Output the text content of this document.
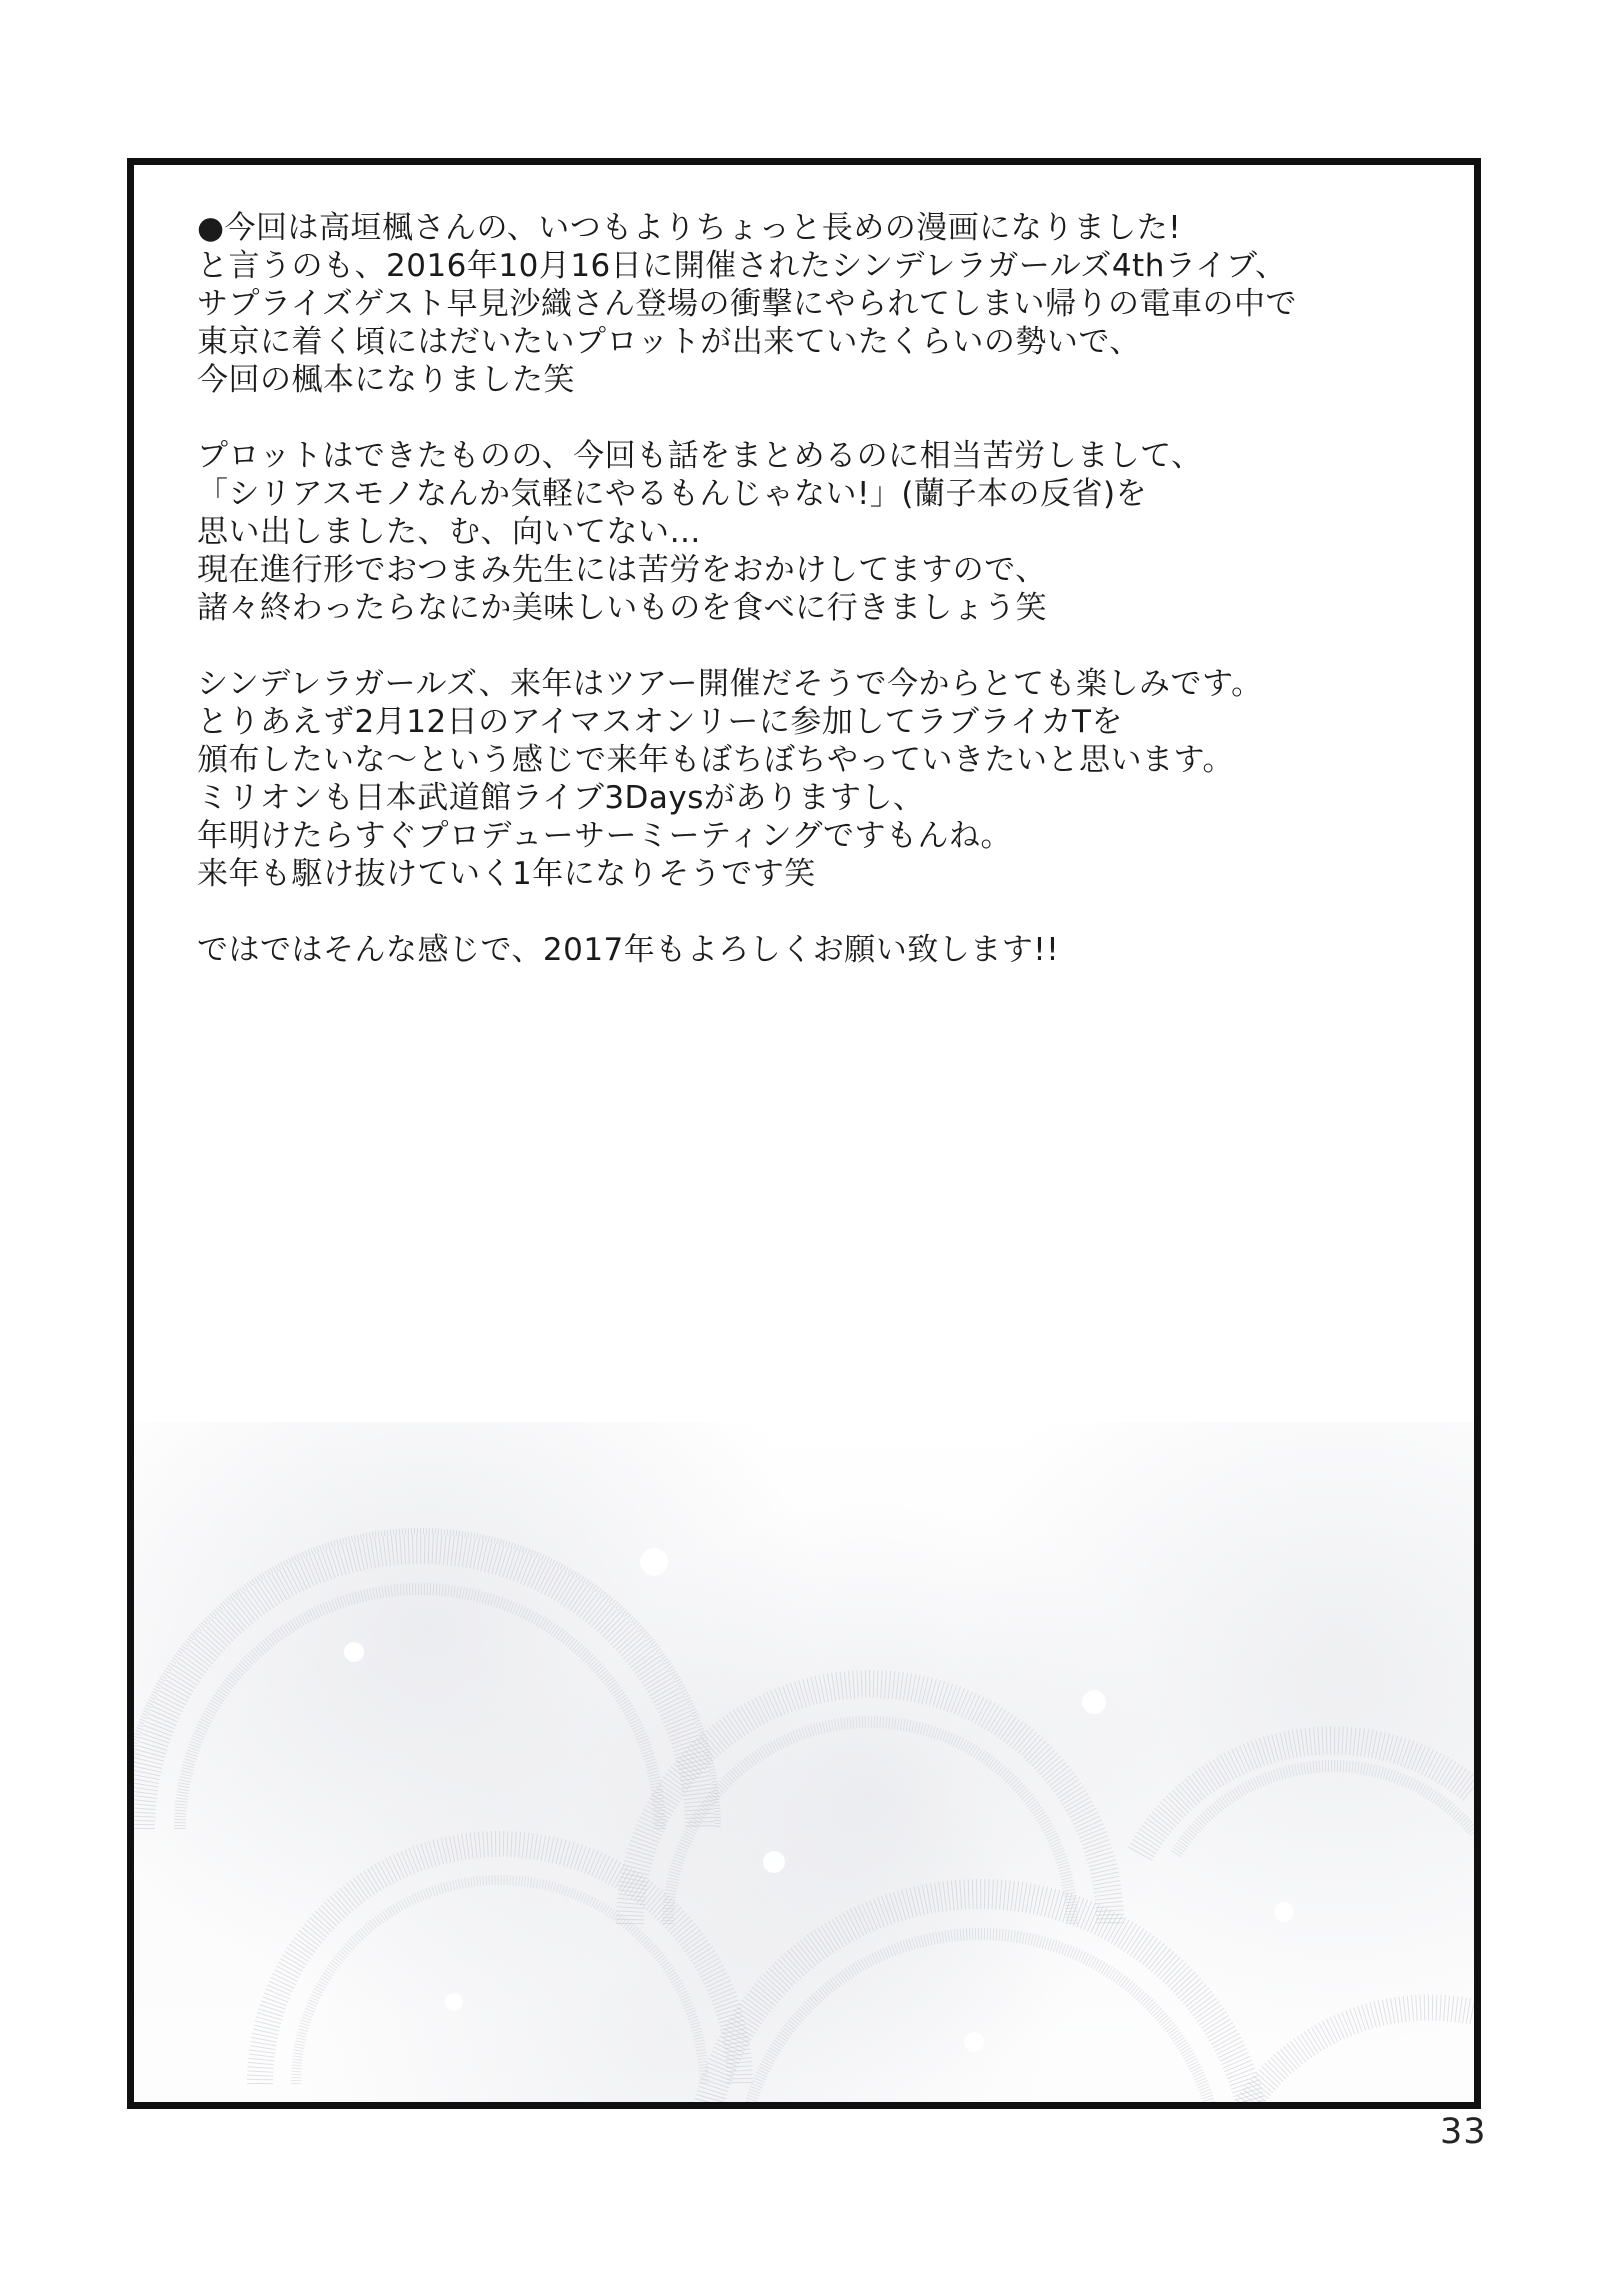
●今回は高垣楓さんの、いつもよりちょっと長めの漫画になりました!
と言うのも、2016年10月16日に開催されたシンデレラガールズ4thライブ、
サプライズゲスト早見沙織さん登場の衝撃にやられてしまい帰りの電車の中で
東京に着く頃にはだいたいプロットが出来ていたくらいの勢いで、
今回の楓本になりました笑
プロットはできたものの、今回も話をまとめるのに相当苦労しまして、
「シリアスモノなんか気軽にやるもんじゃない!」(蘭子本の反省)を
思い出しました、む、向いてない…
現在進行形でおつまみ先生には苦労をおかけしてますので、
諸々終わったらなにか美味しいものを食べに行きましょう笑
シンデレラガールズ、来年はツアー開催だそうで今からとても楽しみです。
とりあえず2月12日のアイマスオンリーに参加してラブライカTを
頒布したいな〜という感じで来年もぼちぼちやっていきたいと思います。
ミリオンも日本武道館ライブ3Daysがありますし、
年明けたらすぐプロデューサーミーティングですもんね。
来年も駆け抜けていく1年になりそうです笑
ではではそんな感じで、2017年もよろしくお願い致します!!
33
